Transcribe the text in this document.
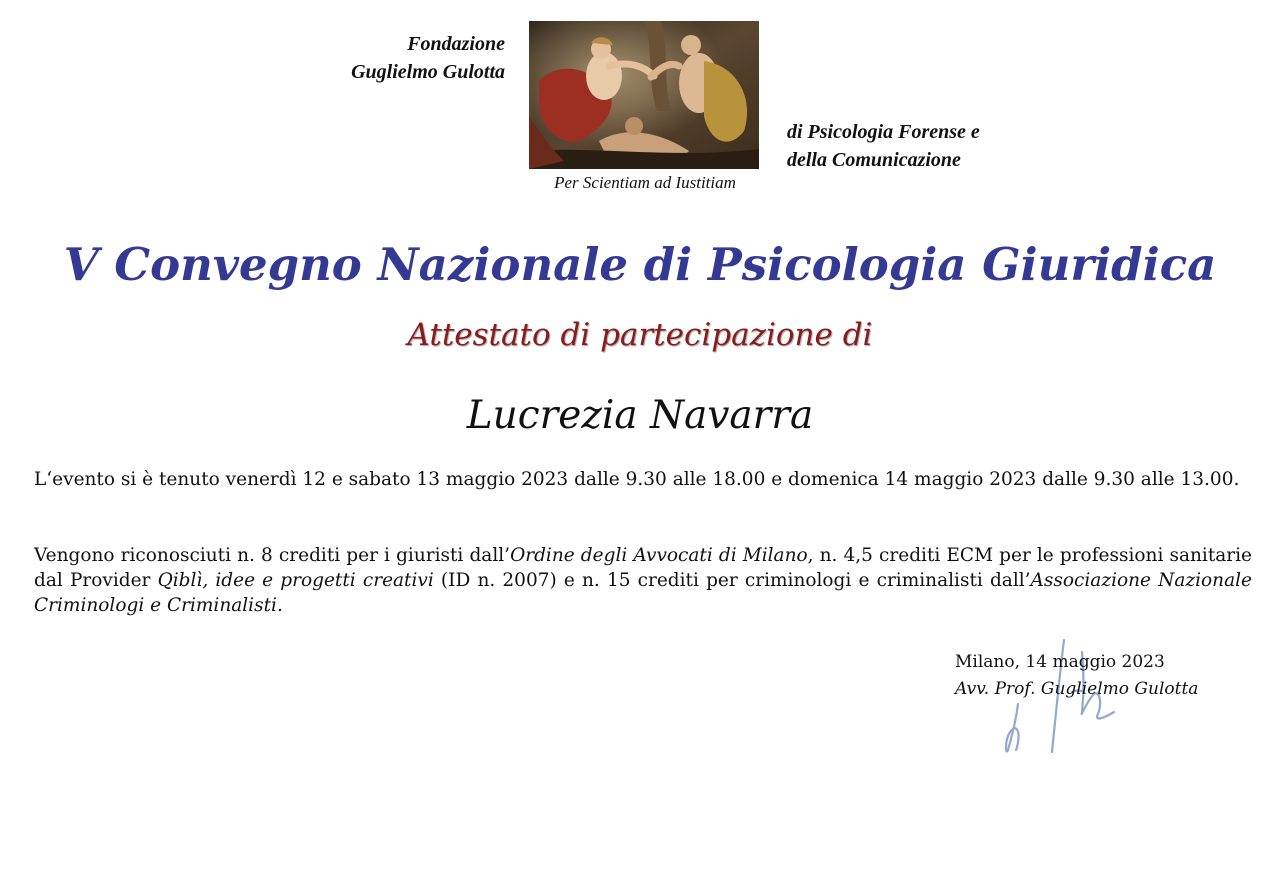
Fondazione
Guglielmo Gulotta
Per Scientiam ad Iustitiam
di Psicologia Forense e
della Comunicazione
V Convegno Nazionale di Psicologia Giuridica
Attestato di partecipazione di
Lucrezia Navarra

L‘evento si è tenuto venerdì 12 e sabato 13 maggio 2023 dalle 9.30 alle 18.00 e domenica 14 maggio 2023 dalle 9.30 alle 13.00.

Vengono riconosciuti n. 8 crediti per i giuristi dall’Ordine degli Avvocati di Milano, n. 4,5 crediti ECM per le professioni sanitarie dal Provider Qiblì, idee e progetti creativi (ID n. 2007) e n. 15 crediti per criminologi e criminalisti dall’Associazione Nazionale Criminologi e Criminalisti.

Milano, 14 maggio 2023
Avv. Prof. Guglielmo Gulotta
